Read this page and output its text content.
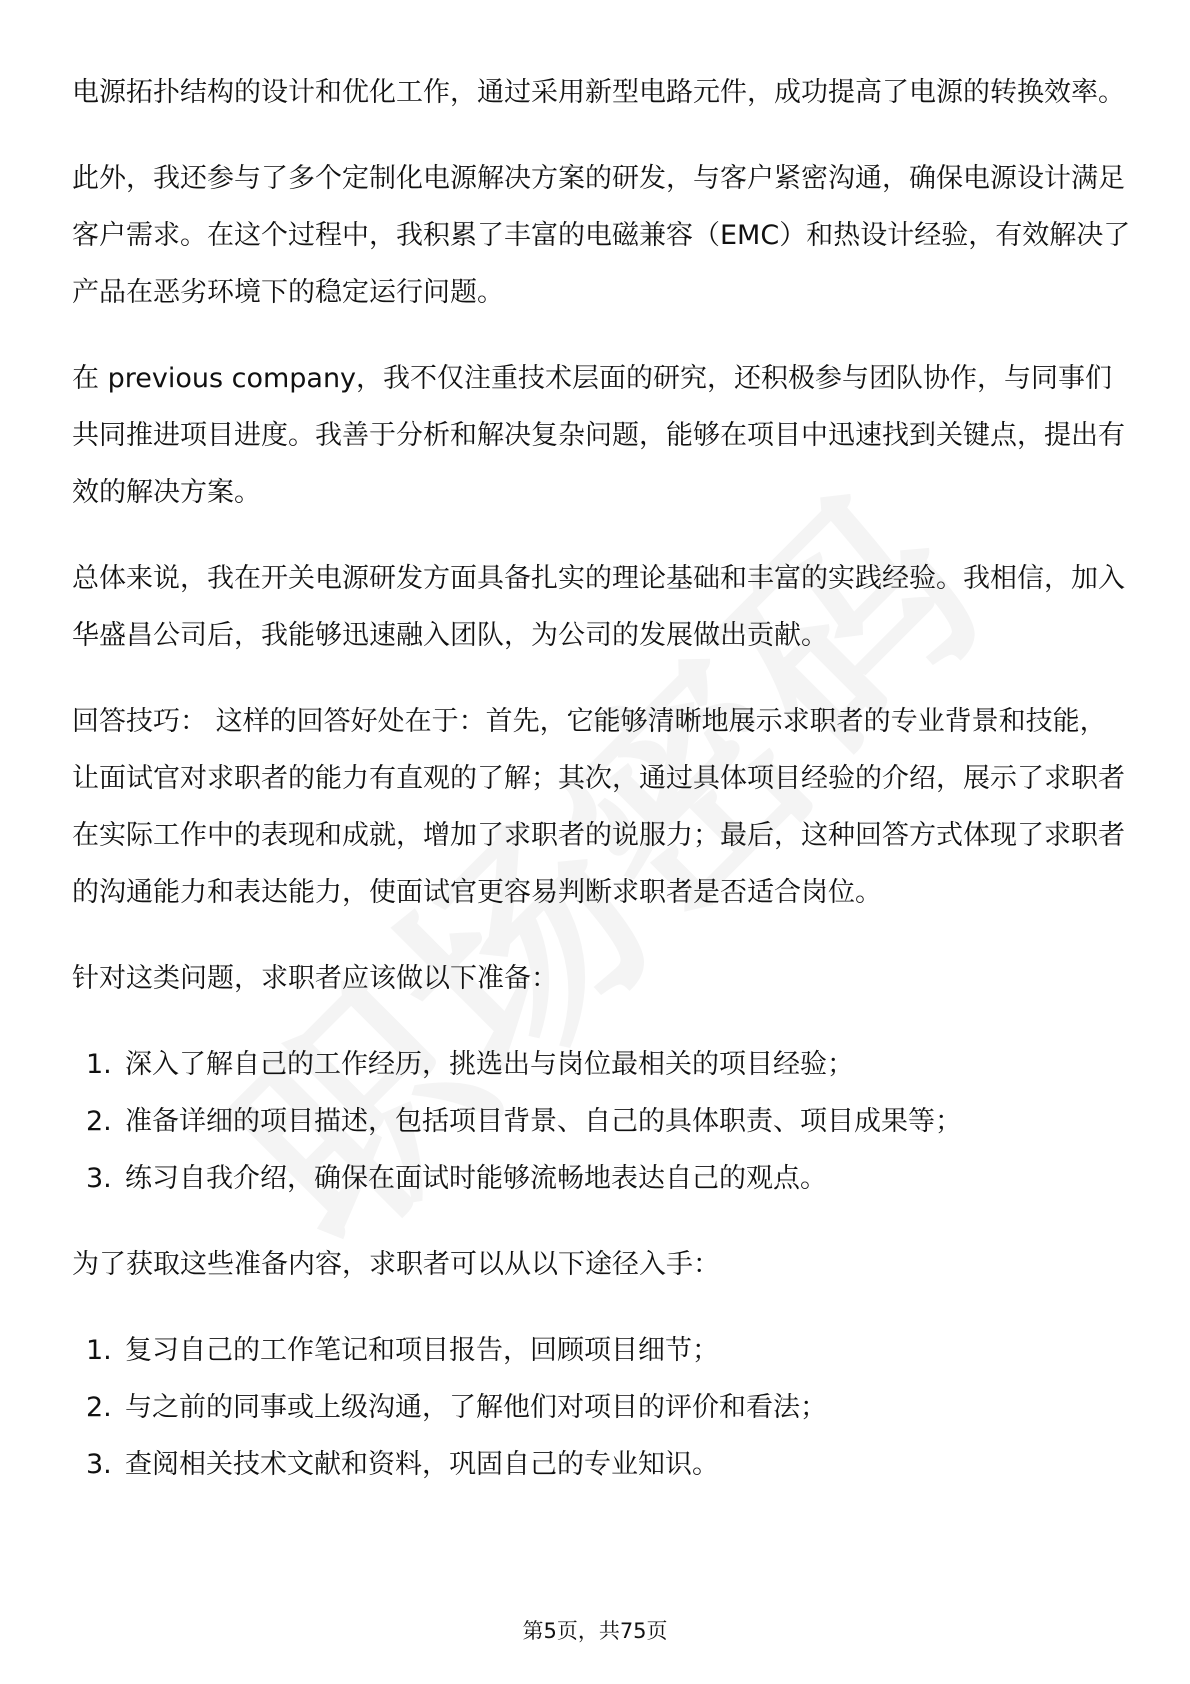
电源拓扑结构的设计和优化工作，通过采用新型电路元件，成功提高了电源的转换效率。

此外，我还参与了多个定制化电源解决方案的研发，与客户紧密沟通，确保电源设计满足客户需求。在这个过程中，我积累了丰富的电磁兼容（EMC）和热设计经验，有效解决了产品在恶劣环境下的稳定运行问题。

在 previous company，我不仅注重技术层面的研究，还积极参与团队协作，与同事们共同推进项目进度。我善于分析和解决复杂问题，能够在项目中迅速找到关键点，提出有效的解决方案。

总体来说，我在开关电源研发方面具备扎实的理论基础和丰富的实践经验。我相信，加入华盛昌公司后，我能够迅速融入团队，为公司的发展做出贡献。

回答技巧： 这样的回答好处在于：首先，它能够清晰地展示求职者的专业背景和技能，让面试官对求职者的能力有直观的了解；其次，通过具体项目经验的介绍，展示了求职者在实际工作中的表现和成就，增加了求职者的说服力；最后，这种回答方式体现了求职者的沟通能力和表达能力，使面试官更容易判断求职者是否适合岗位。

针对这类问题，求职者应该做以下准备：

1. 深入了解自己的工作经历，挑选出与岗位最相关的项目经验；
2. 准备详细的项目描述，包括项目背景、自己的具体职责、项目成果等；
3. 练习自我介绍，确保在面试时能够流畅地表达自己的观点。

为了获取这些准备内容，求职者可以从以下途径入手：

1. 复习自己的工作笔记和项目报告，回顾项目细节；
2. 与之前的同事或上级沟通，了解他们对项目的评价和看法；
3. 查阅相关技术文献和资料，巩固自己的专业知识。
第5页，共75页
